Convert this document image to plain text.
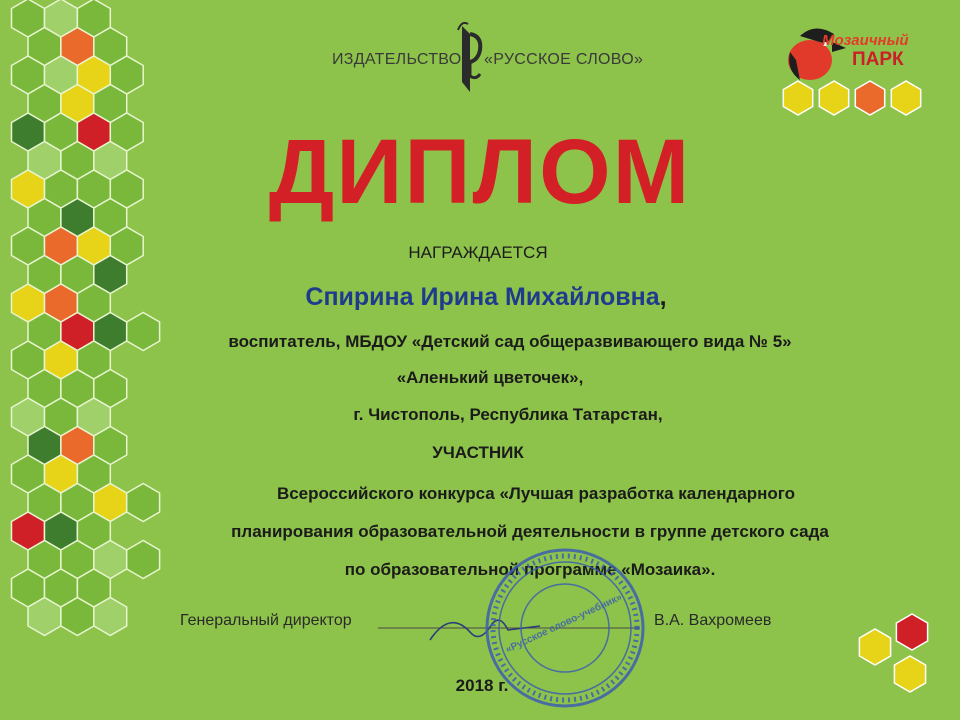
ИЗДАТЕЛЬСТВО «РУССКОЕ СЛОВО»
Мозаичный
ПАРК
ДИПЛОМ
НАГРАЖДАЕТСЯ
Спирина Ирина Михайловна,
воспитатель, МБДОУ «Детский сад общеразвивающего вида № 5»
«Аленький цветочек»,
г. Чистополь, Республика Татарстан,
УЧАСТНИК
Всероссийского конкурса «Лучшая разработка календарного
планирования образовательной деятельности в группе детского сада
по образовательной программе «Мозаика».
Генеральный директор	В.А. Вахромеев
«Русское слово-учебник»
2018 г.
